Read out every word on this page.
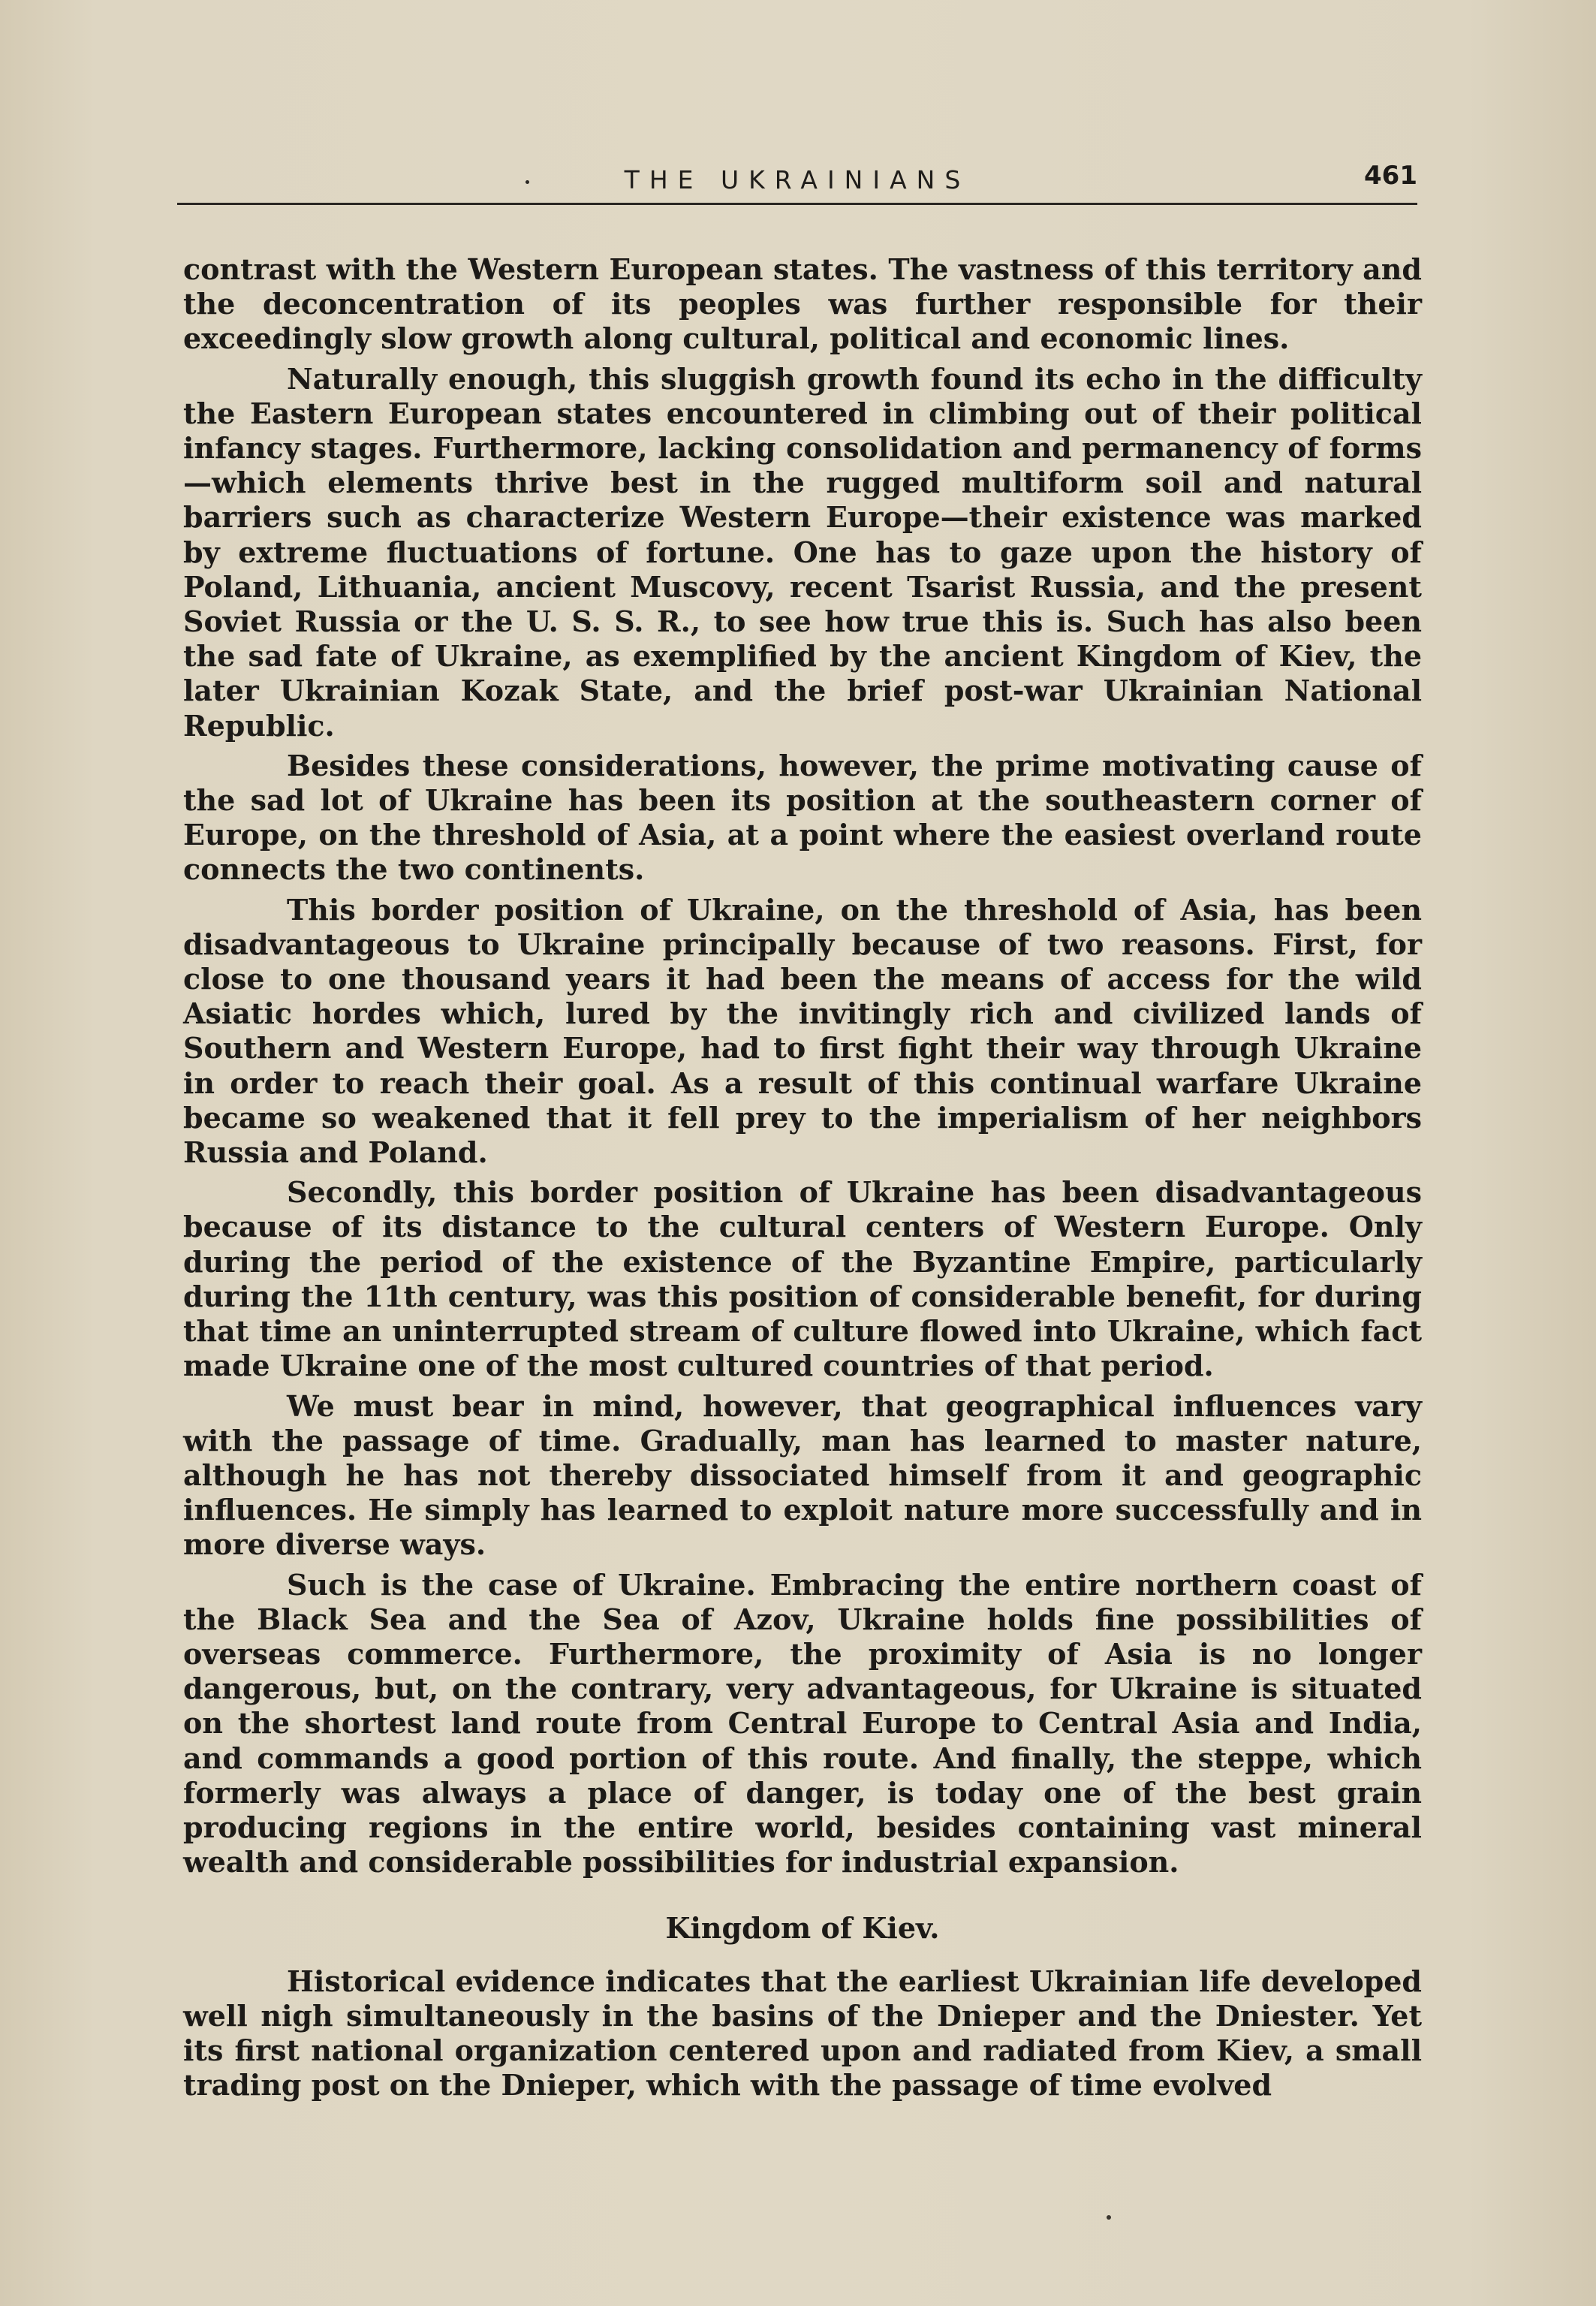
THE UKRAINIANS	461

contrast with the Western European states. The vastness of this territory and the deconcentration of its peoples was further responsible for their exceedingly slow growth along cultural, political and economic lines.

Naturally enough, this sluggish growth found its echo in the difficulty the Eastern European states encountered in climbing out of their political infancy stages. Furthermore, lacking consolidation and permanency of forms —which elements thrive best in the rugged multiform soil and natural barriers such as characterize Western Europe—their existence was marked by extreme fluctuations of fortune. One has to gaze upon the history of Poland, Lithuania, ancient Muscovy, recent Tsarist Russia, and the present Soviet Russia or the U. S. S. R., to see how true this is. Such has also been the sad fate of Ukraine, as exemplified by the ancient Kingdom of Kiev, the later Ukrainian Kozak State, and the brief post-war Ukrainian National Republic.

Besides these considerations, however, the prime motivating cause of the sad lot of Ukraine has been its position at the southeastern corner of Europe, on the threshold of Asia, at a point where the easiest overland route connects the two continents.

This border position of Ukraine, on the threshold of Asia, has been disadvantageous to Ukraine principally because of two reasons. First, for close to one thousand years it had been the means of access for the wild Asiatic hordes which, lured by the invitingly rich and civilized lands of Southern and Western Europe, had to first fight their way through Ukraine in order to reach their goal. As a result of this continual warfare Ukraine became so weakened that it fell prey to the imperialism of her neighbors Russia and Poland.

Secondly, this border position of Ukraine has been disadvantageous because of its distance to the cultural centers of Western Europe. Only during the period of the existence of the Byzantine Empire, particularly during the 11th century, was this position of considerable benefit, for during that time an uninterrupted stream of culture flowed into Ukraine, which fact made Ukraine one of the most cultured countries of that period.

We must bear in mind, however, that geographical influences vary with the passage of time. Gradually, man has learned to master nature, although he has not thereby dissociated himself from it and geographic influences. He simply has learned to exploit nature more successfully and in more diverse ways.

Such is the case of Ukraine. Embracing the entire northern coast of the Black Sea and the Sea of Azov, Ukraine holds fine possibilities of overseas commerce. Furthermore, the proximity of Asia is no longer dangerous, but, on the contrary, very advantageous, for Ukraine is situated on the shortest land route from Central Europe to Central Asia and India, and commands a good portion of this route. And finally, the steppe, which formerly was always a place of danger, is today one of the best grain producing regions in the entire world, besides containing vast mineral wealth and considerable possibilities for industrial expansion.

Kingdom of Kiev.

Historical evidence indicates that the earliest Ukrainian life developed well nigh simultaneously in the basins of the Dnieper and the Dniester. Yet its first national organization centered upon and radiated from Kiev, a small trading post on the Dnieper, which with the passage of time evolved
